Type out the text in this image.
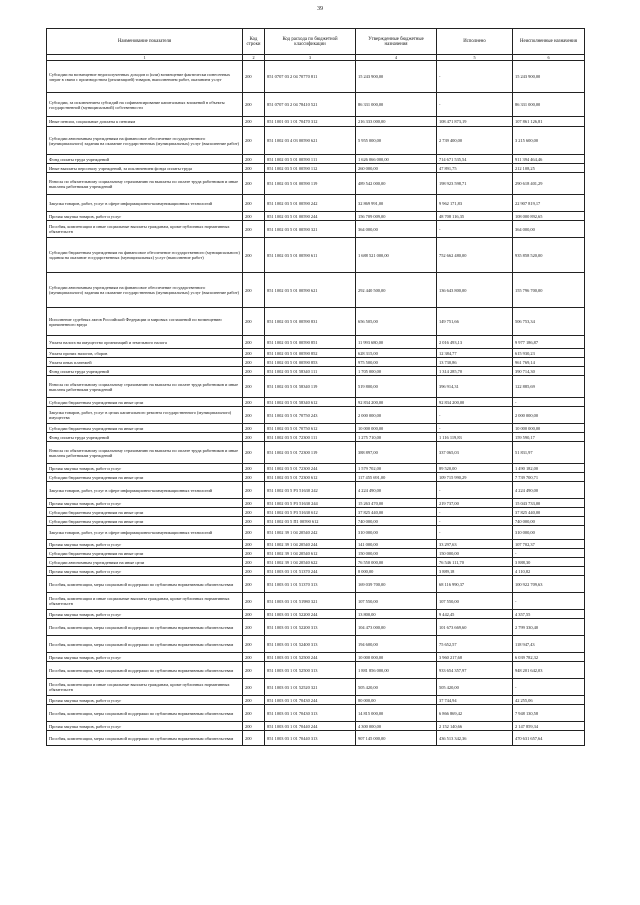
39
Наименование показателя	Код строки	Код расхода по бюджетной классификации	Утвержденные бюджетные назначения	Исполнено	Неисполненные назначения
1	2	3	4	5	6
Субсидии на возмещение недополученных доходов и (или) возмещение фактически понесенных затрат в связи с производством (реализацией) товаров, выполнением работ, оказанием услуг	200	851 0707 03 2 04 70770 811	15 243 900,00	-	15 243 900,00
Субсидии, за исключением субсидий на софинансирование капитальных вложений в объекты государственной (муниципальной) собственности	200	851 0707 03 2 04 78410 521	86 331 000,00	-	86 331 000,00
Иные пенсии, социальные доплаты к пенсиям	200	851 1001 03 1 01 70470 312	216 333 000,00	108 471 873,19	107 861 126,81
Субсидии автономным учреждениям на финансовое обеспечение государственного (муниципального) задания на оказание государственных (муниципальных) услуг (выполнение работ)	200	851 1002 03 4 03 00590 621	5 955 000,00	2 739 400,00	3 215 600,00
Фонд оплаты труда учреждений	200	851 1002 03 5 01 00590 111	1 626 066 000,00	714 671 535,54	911 394 464,46
Иные выплаты персоналу учреждений, за исключением фонда оплаты труда	200	851 1002 03 5 01 00590 112	260 000,00	47 891,75	212 108,25
Взносы по обязательному социальному страхованию на выплаты по оплате труда работников и иные выплаты работникам учреждений	200	851 1002 03 5 01 00590 119	489 542 000,00	198 923 598,71	290 618 401,29
Закупка товаров, работ, услуг в сфере информационно-коммуникационных технологий	200	851 1002 03 5 01 00590 242	32 869 991,00	9 962 171,83	22 907 819,17
Прочая закупка товаров, работ и услуг	200	851 1002 03 5 01 00590 244	156 709 009,00	48 708 116,35	108 000 892,65
Пособия, компенсации и иные социальные выплаты гражданам, кроме публичных нормативных обязательств	200	851 1002 03 5 01 00590 321	364 000,00	-	364 000,00
Субсидии бюджетным учреждениям на финансовое обеспечение государственного (муниципального) задания на оказание государственных (муниципальных) услуг (выполнение работ)	200	851 1002 03 5 01 00590 611	1 688 521 000,00	752 662 480,00	935 858 520,00
Субсидии автономным учреждениям на финансовое обеспечение государственного (муниципального) задания на оказание государственных (муниципальных) услуг (выполнение работ)	200	851 1002 03 5 01 00590 621	292 440 500,00	136 643 800,00	155 796 700,00
Исполнение судебных актов Российской Федерации и мировых соглашений по возмещению причиненного вреда	200	851 1002 03 5 01 00590 831	656 505,00	149 751,66	506 753,34
Уплата налога на имущество организаций и земельного налога	200	851 1002 03 5 01 00590 851	11 993 680,00	2 016 493,13	9 977 186,87
Уплата прочих налогов, сборов	200	851 1002 03 5 01 00590 852	628 315,00	12 384,77	615 930,23
Уплата иных платежей	200	851 1002 03 5 01 00590 853	975 500,00	13 730,86	961 769,14
Фонд оплаты труда учреждений	200	851 1002 03 5 01 58340 111	1 705 000,00	1 314 285,70	390 714,30
Взносы по обязательному социальному страхованию на выплаты по оплате труда работников и иные выплаты работникам учреждений	200	851 1002 03 5 01 58340 119	519 800,00	396 914,31	122 885,69
Субсидии бюджетным учреждениям на иные цели	200	851 1002 03 5 01 58340 612	92 834 200,00	92 834 200,00	-
Закупка товаров, работ, услуг в целях капитального ремонта государственного (муниципального) имущества	200	851 1002 03 5 01 70750 243	2 000 000,00	-	2 000 000,00
Субсидии бюджетным учреждениям на иные цели	200	851 1002 03 5 01 70750 612	10 000 000,00	-	10 000 000,00
Фонд оплаты труда учреждений	200	851 1002 03 5 01 72300 111	1 275 710,00	1 116 119,83	159 590,17
Взносы по обязательному социальному страхованию на выплаты по оплате труда работников и иные выплаты работникам учреждений	200	851 1002 03 5 01 72300 119	388 897,00	337 065,03	51 831,97
Прочая закупка товаров, работ и услуг	200	851 1002 03 5 01 72300 244	1 579 702,00	89 520,00	1 490 182,00
Субсидии бюджетным учреждениям на иные цели	200	851 1002 03 5 01 72300 612	117 455 691,00	109 715 990,29	7 739 700,71
Закупка товаров, работ, услуг в сфере информационно-коммуникационных технологий	200	851 1002 03 5 P3 51630 242	4 224 490,00	-	4 224 490,00
Прочая закупка товаров, работ и услуг	200	851 1002 03 5 P3 51630 244	15 263 470,00	219 737,00	15 043 733,00
Субсидии бюджетным учреждениям на иные цели	200	851 1002 03 5 P3 51630 612	37 825 440,00	-	37 825 440,00
Субсидии бюджетным учреждениям на иные цели	200	851 1002 03 5 П1 00590 612	740 000,00	-	740 000,00
Закупка товаров, работ, услуг в сфере информационно-коммуникационных технологий	200	851 1002 39 1 04 20540 242	310 000,00	-	310 000,00
Прочая закупка товаров, работ и услуг	200	851 1002 39 1 04 20540 244	141 000,00	33 297,63	107 702,37
Субсидии бюджетным учреждениям на иные цели	200	851 1002 39 1 04 20540 612	150 000,00	150 000,00	-
Субсидии автономным учреждениям на иные цели	200	851 1002 39 1 04 20540 622	76 550 000,00	76 546 111,70	3 888,30
Прочая закупка товаров, работ и услуг	200	851 1003 03 1 01 51370 244	8 000,00	3 889,18	4 110,82
Пособия, компенсации, меры социальной поддержки по публичным нормативным обязательствам	200	851 1003 03 1 01 51370 313	169 039 700,00	68 116 990,37	100 922 709,63
Пособия, компенсации и иные социальные выплаты гражданам, кроме публичных нормативных обязательств	200	851 1003 03 1 01 51980 321	107 550,00	107 550,00	-
Прочая закупка товаров, работ и услуг	200	851 1003 03 1 01 52200 244	13 800,00	9 442,45	4 357,55
Пособия, компенсации, меры социальной поддержки по публичным нормативным обязательствам	200	851 1003 03 1 01 52200 313	104 473 000,00	101 673 669,60	2 799 330,40
Пособия, компенсации, меры социальной поддержки по публичным нормативным обязательствам	200	851 1003 03 1 01 52400 313	194 600,00	75 652,57	118 947,43
Прочая закупка товаров, работ и услуг	200	851 1003 03 1 01 52500 244	10 000 000,00	3 960 217,68	6 039 782,32
Пособия, компенсации, меры социальной поддержки по публичным нормативным обязательствам	200	851 1003 03 1 01 52500 313	1 881 856 000,00	933 654 357,97	948 201 642,03
Пособия, компенсации и иные социальные выплаты гражданам, кроме публичных нормативных обязательств	200	851 1003 03 1 01 52520 321	505 420,00	505 420,00	-
Прочая закупка товаров, работ и услуг	200	851 1003 03 1 01 70430 244	80 000,00	37 744,94	42 255,06
Пособия, компенсации, меры социальной поддержки по публичным нормативным обязательствам	200	851 1003 03 1 01 70430 313	14 815 000,00	6 866 869,42	7 948 130,58
Прочая закупка товаров, работ и услуг	200	851 1003 03 1 01 70440 244	4 300 000,00	2 152 140,66	2 147 859,34
Пособия, компенсации, меры социальной поддержки по публичным нормативным обязательствам	200	851 1003 03 1 01 70440 313	907 145 000,00	436 513 342,36	470 631 657,64
